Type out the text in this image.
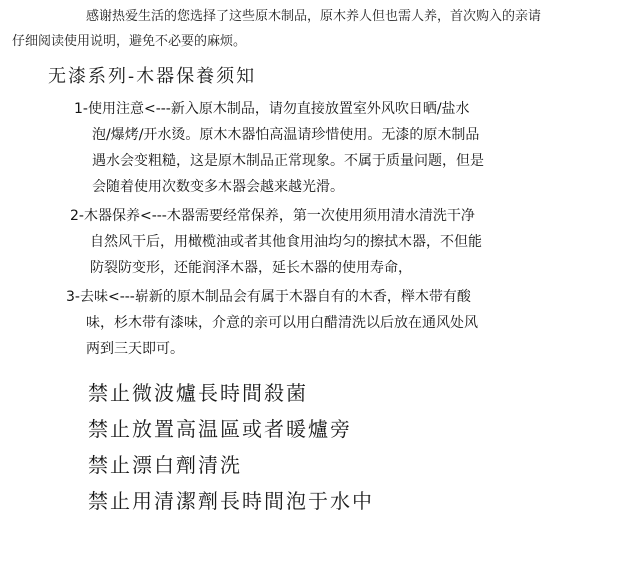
感谢热爱生活的您选择了这些原木制品，原木养人但也需人养，首次购入的亲请
仔细阅读使用说明，避免不必要的麻烦。
无漆系列-木器保養须知
1-使用注意<---新入原木制品，请勿直接放置室外风吹日晒/盐水
泡/爆烤/开水烫。原木木器怕高温请珍惜使用。无漆的原木制品
遇水会变粗糙，这是原木制品正常现象。不属于质量问题，但是
会随着使用次数变多木器会越来越光滑。
2-木器保养<---木器需要经常保养，第一次使用须用清水清洗干净
自然风干后，用橄榄油或者其他食用油均匀的擦拭木器，不但能
防裂防变形，还能润泽木器，延长木器的使用寿命，
3-去味<---崭新的原木制品会有属于木器自有的木香，榉木带有酸
味，杉木带有漆味，介意的亲可以用白醋清洗以后放在通风处风
两到三天即可。
禁止微波爐長時間殺菌
禁止放置高温區或者暖爐旁
禁止漂白劑清洗
禁止用清潔劑長時間泡于水中
